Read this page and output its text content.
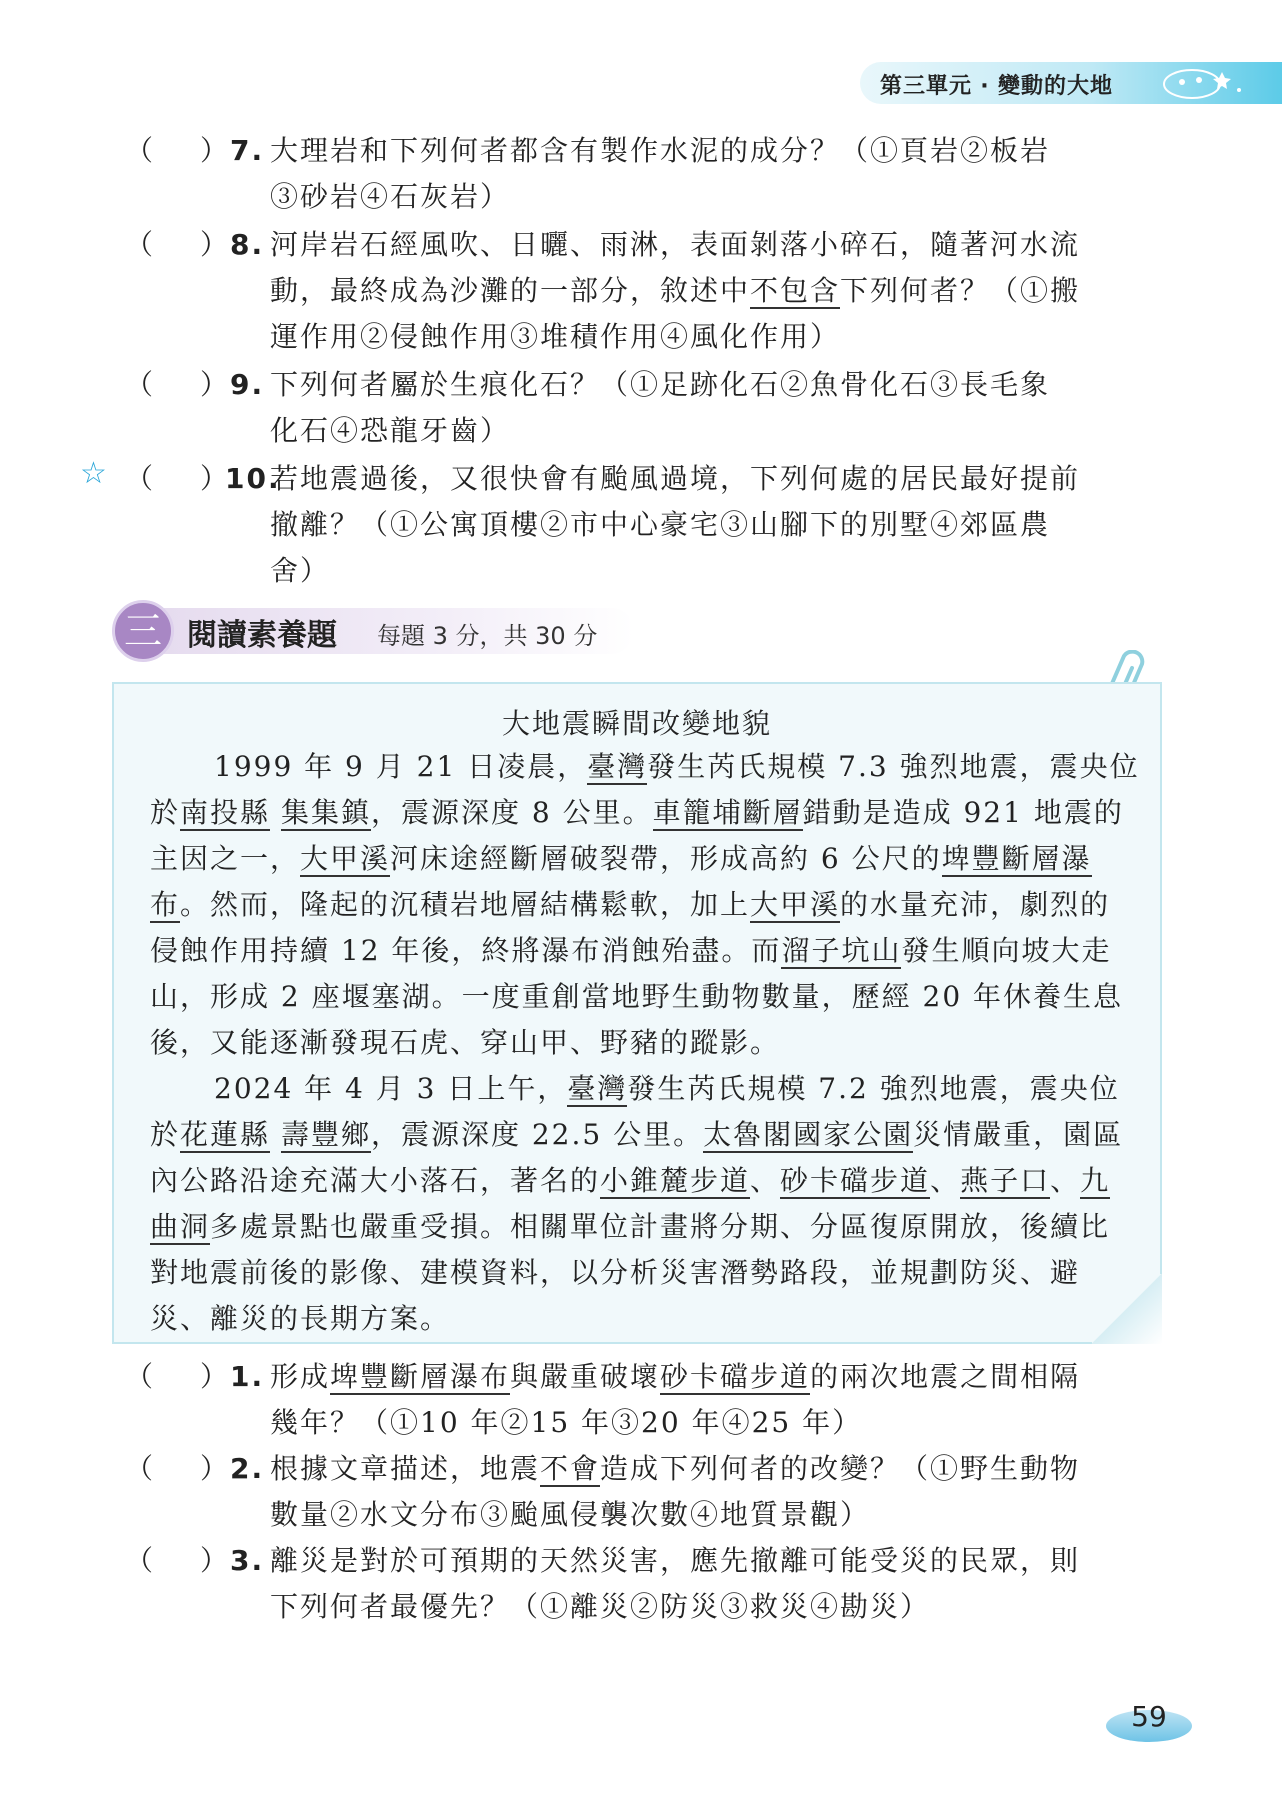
第三單元 ‧ 變動的大地
（ ） 7. 大理岩和下列何者都含有製作水泥的成分？（①頁岩②板岩
③砂岩④石灰岩）
（ ） 8. 河岸岩石經風吹、日曬、雨淋，表面剝落小碎石，隨著河水流
動，最終成為沙灘的一部分，敘述中不包含下列何者？（①搬
運作用②侵蝕作用③堆積作用④風化作用）
（ ） 9. 下列何者屬於生痕化石？（①足跡化石②魚骨化石③長毛象
化石④恐龍牙齒）
☆ （ ）
10.
若地震過後，又很快會有颱風過境，下列何處的居民最好提前
撤離？（①公寓頂樓②市中心豪宅③山腳下的別墅④郊區農
舍）
三 閱讀素養題 每題 3 分，共 30 分
大地震瞬間改變地貌

1999 年 9 月 21 日凌晨，臺灣發生芮氏規模 7.3 強烈地震，震央位於南投縣 集集鎮，震源深度 8 公里。車籠埔斷層錯動是造成 921 地震的主因之一，大甲溪河床途經斷層破裂帶，形成高約 6 公尺的埤豐斷層瀑布。然而，隆起的沉積岩地層結構鬆軟，加上大甲溪的水量充沛，劇烈的侵蝕作用持續 12 年後，終將瀑布消蝕殆盡。而溜子坑山發生順向坡大走山，形成 2 座堰塞湖。一度重創當地野生動物數量，歷經 20 年休養生息後，又能逐漸發現石虎、穿山甲、野豬的蹤影。

2024 年 4 月 3 日上午，臺灣發生芮氏規模 7.2 強烈地震，震央位於花蓮縣 壽豐鄉，震源深度 22.5 公里。太魯閣國家公園災情嚴重，園區內公路沿途充滿大小落石，著名的小錐麓步道、砂卡礑步道、燕子口、九曲洞多處景點也嚴重受損。相關單位計畫將分期、分區復原開放，後續比對地震前後的影像、建模資料，以分析災害潛勢路段，並規劃防災、避災、離災的長期方案。

（ ） 1. 形成埤豐斷層瀑布與嚴重破壞砂卡礑步道的兩次地震之間相隔
幾年？（①10 年②15 年③20 年④25 年）
（ ） 2. 根據文章描述，地震不會造成下列何者的改變？（①野生動物
數量②水文分布③颱風侵襲次數④地質景觀）
（ ） 3. 離災是對於可預期的天然災害，應先撤離可能受災的民眾，則
下列何者最優先？（①離災②防災③救災④勘災）
59
